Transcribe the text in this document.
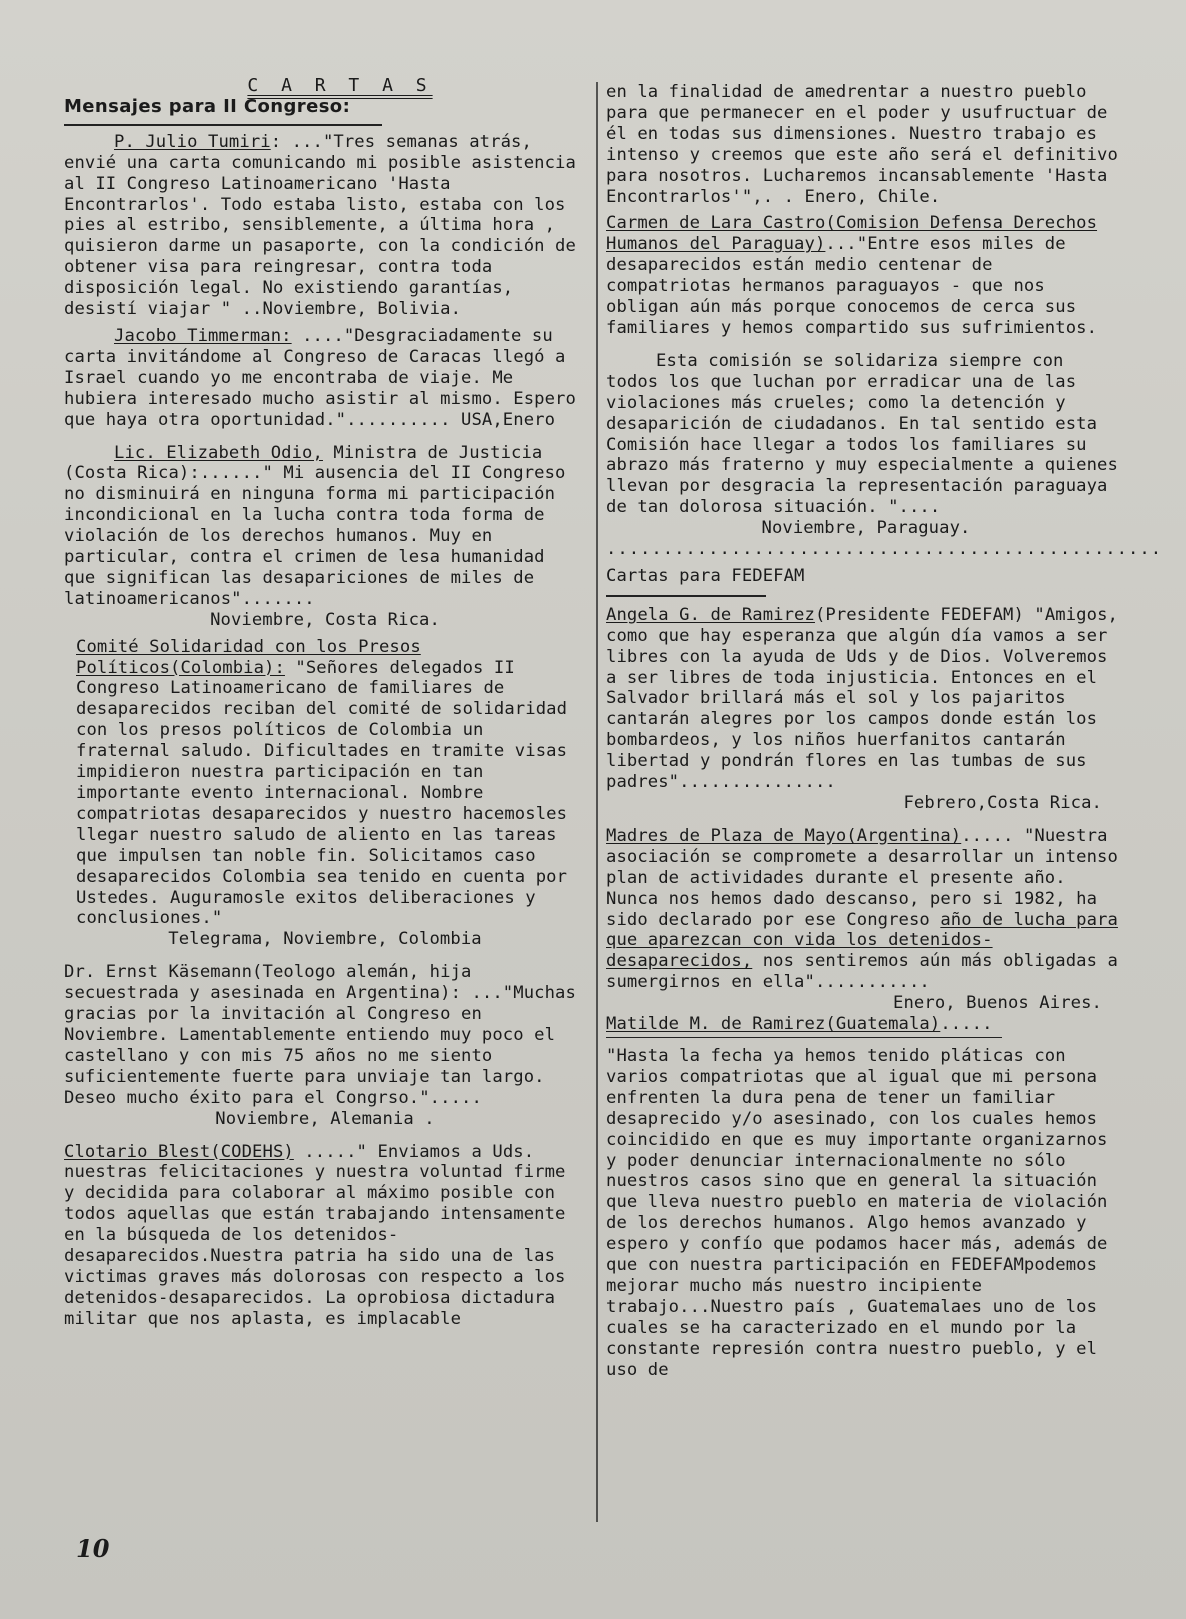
C A R T A S

Mensajes para II Congreso:

P. Julio Tumiri: ..."Tres semanas atrás, envié una carta comunicando mi posible asistencia al II Congreso Latinoamericano 'Hasta Encontrarlos'. Todo estaba listo, estaba con los pies al estribo, sensiblemente, a última hora , quisieron darme un pasaporte, con la condición de obtener visa para reingresar, contra toda disposición legal. No existiendo garantías, desistí viajar " ..Noviembre, Bolivia.

Jacobo Timmerman: ...."Desgraciadamente su carta invitándome al Congreso de Caracas llegó a Israel cuando yo me encontraba de viaje. Me hubiera interesado mucho asistir al mismo. Espero que haya otra oportunidad.".......... USA,Enero

Lic. Elizabeth Odio, Ministra de Justicia (Costa Rica):......" Mi ausencia del II Congreso no disminuirá en ninguna forma mi participación incondicional en la lucha contra toda forma de violación de los derechos humanos. Muy en particular, contra el crimen de lesa humanidad que significan las desapariciones de miles de latinoamericanos".......

Noviembre, Costa Rica.

Comité Solidaridad con los Presos Políticos(Colombia): "Señores delegados II Congreso Latinoamericano de familiares de desaparecidos reciban del comité de solidaridad con los presos políticos de Colombia un fraternal saludo. Dificultades en tramite visas impidieron nuestra participación en tan importante evento internacional. Nombre compatriotas desaparecidos y nuestro hacemosles llegar nuestro saludo de aliento en las tareas que impulsen tan noble fin. Solicitamos caso desaparecidos Colombia sea tenido en cuenta por Ustedes. Auguramosle exitos deliberaciones y conclusiones."

Telegrama, Noviembre, Colombia

Dr. Ernst Käsemann(Teologo alemán, hija secuestrada y asesinada en Argentina): ..."Muchas gracias por la invitación al Congreso en Noviembre. Lamentablemente entiendo muy poco el castellano y con mis 75 años no me siento suficientemente fuerte para unviaje tan largo. Deseo mucho éxito para el Congrso.".....

Noviembre, Alemania .

Clotario Blest(CODEHS) ....." Enviamos a Uds. nuestras felicitaciones y nuestra voluntad firme y decidida para colaborar al máximo posible con todos aquellas que están trabajando intensamente en la búsqueda de los detenidos-desaparecidos.Nuestra patria ha sido una de las victimas graves más dolorosas con respecto a los detenidos-desaparecidos. La oprobiosa dictadura militar que nos aplasta, es implacable

en la finalidad de amedrentar a nuestro pueblo para que permanecer en el poder y usufructuar de él en todas sus dimensiones. Nuestro trabajo es intenso y creemos que este año será el definitivo para nosotros. Lucharemos incansablemente 'Hasta Encontrarlos'",. . Enero, Chile.

Carmen de Lara Castro(Comision Defensa Derechos Humanos del Paraguay)..."Entre esos miles de desaparecidos están medio centenar de compatriotas hermanos paraguayos - que nos obligan aún más porque conocemos de cerca sus familiares y hemos compartido sus sufrimientos.

Esta comisión se solidariza siempre con todos los que luchan por erradicar una de las violaciones más crueles; como la detención y desaparición de ciudadanos. En tal sentido esta Comisión hace llegar a todos los familiares su abrazo más fraterno y muy especialmente a quienes llevan por desgracia la representación paraguaya de tan dolorosa situación. "....

Noviembre, Paraguay.

.................................................

Cartas para FEDEFAM

Angela G. de Ramirez(Presidente FEDEFAM) "Amigos, como que hay esperanza que algún día vamos a ser libres con la ayuda de Uds y de Dios. Volveremos a ser libres de toda injusticia. Entonces en el Salvador brillará más el sol y los pajaritos cantarán alegres por los campos donde están los bombardeos, y los niños huerfanitos cantarán libertad y pondrán flores en las tumbas de sus padres"...............

Febrero,Costa Rica.

Madres de Plaza de Mayo(Argentina)..... "Nuestra asociación se compromete a desarrollar un intenso plan de actividades durante el presente año. Nunca nos hemos dado descanso, pero si 1982, ha sido declarado por ese Congreso año de lucha para que aparezcan con vida los detenidos-desaparecidos, nos sentiremos aún más obligadas a sumergirnos en ella"...........

Enero, Buenos Aires.

Matilde M. de Ramirez(Guatemala).....

"Hasta la fecha ya hemos tenido pláticas con varios compatriotas que al igual que mi persona enfrenten la dura pena de tener un familiar desaprecido y/o asesinado, con los cuales hemos coincidido en que es muy importante organizarnos y poder denunciar internacionalmente no sólo nuestros casos sino que en general la situación que lleva nuestro pueblo en materia de violación de los derechos humanos. Algo hemos avanzado y espero y confío que podamos hacer más, además de que con nuestra participación en FEDEFAMpodemos mejorar mucho más nuestro incipiente trabajo...Nuestro país , Guatemalaes uno de los cuales se ha caracterizado en el mundo por la constante represión contra nuestro pueblo, y el uso de

10
